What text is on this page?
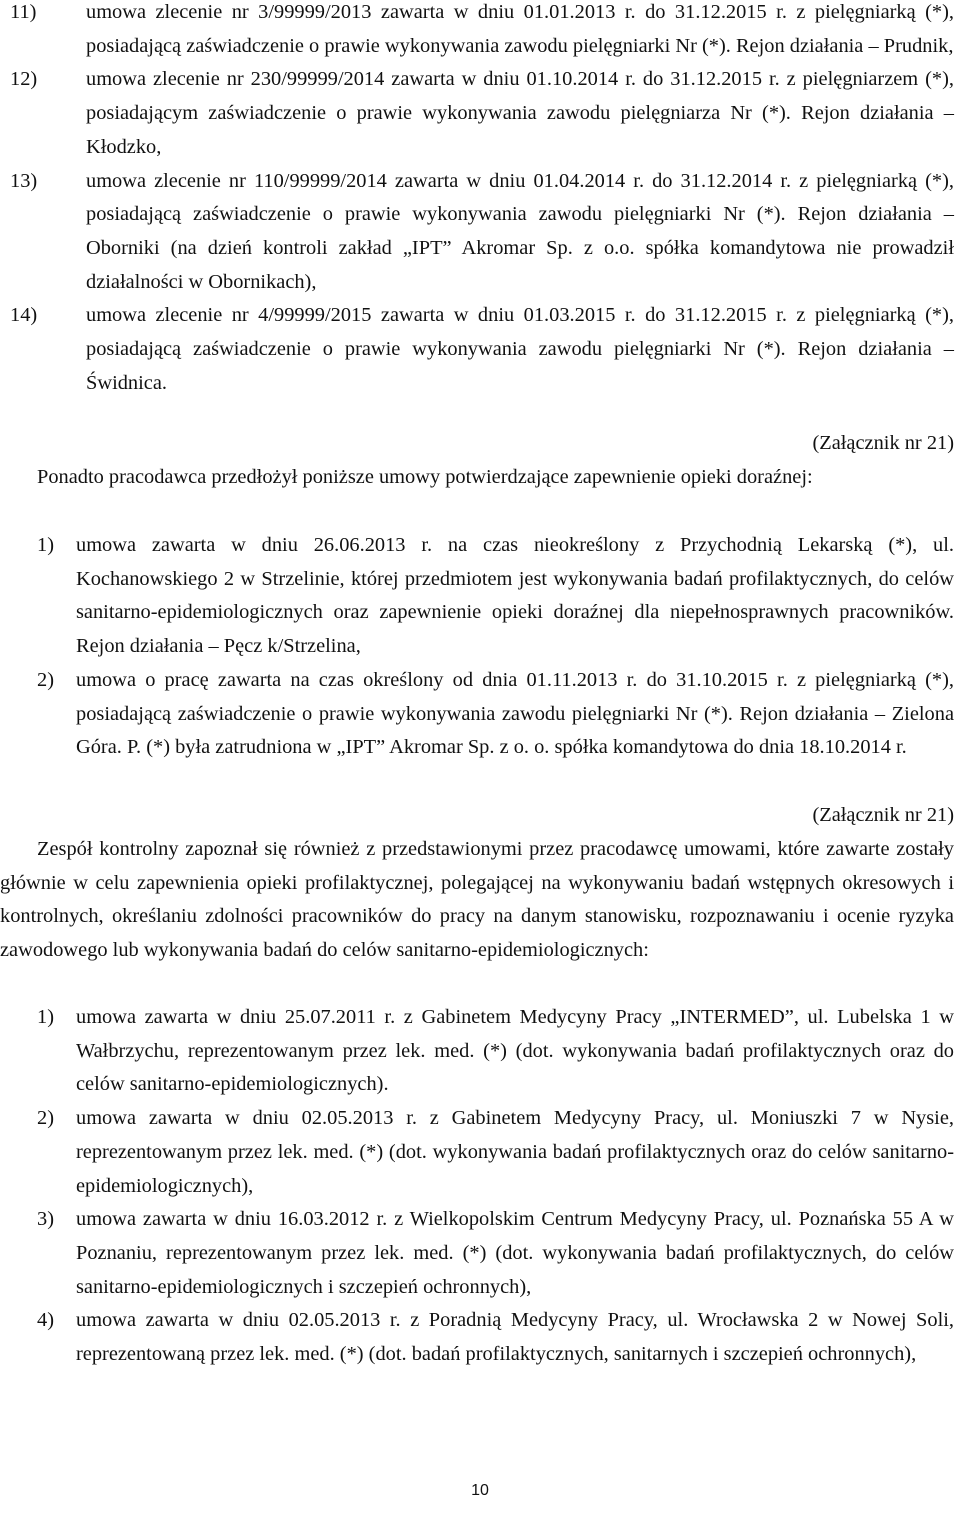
11) umowa zlecenie nr 3/99999/2013 zawarta w dniu 01.01.2013 r. do 31.12.2015 r. z pielęgniarką (*), posiadającą zaświadczenie o prawie wykonywania zawodu pielęgniarki Nr (*). Rejon działania – Prudnik,
12) umowa zlecenie nr 230/99999/2014 zawarta w dniu 01.10.2014 r. do 31.12.2015 r. z pielęgniarzem (*), posiadającym zaświadczenie o prawie wykonywania zawodu pielęgniarza Nr (*). Rejon działania – Kłodzko,
13) umowa zlecenie nr 110/99999/2014 zawarta w dniu 01.04.2014 r. do 31.12.2014 r. z pielęgniarką (*), posiadającą zaświadczenie o prawie wykonywania zawodu pielęgniarki Nr (*). Rejon działania – Oborniki (na dzień kontroli zakład „IPT” Akromar Sp. z o.o. spółka komandytowa nie prowadził działalności w Obornikach),
14) umowa zlecenie nr 4/99999/2015 zawarta w dniu 01.03.2015 r. do 31.12.2015 r. z pielęgniarką (*), posiadającą zaświadczenie o prawie wykonywania zawodu pielęgniarki Nr (*). Rejon działania – Świdnica.
(Załącznik nr 21)
Ponadto pracodawca przedłożył poniższe umowy potwierdzające zapewnienie opieki doraźnej:
1) umowa zawarta w dniu 26.06.2013 r. na czas nieokreślony z Przychodnią Lekarską (*), ul. Kochanowskiego 2 w Strzelinie, której przedmiotem jest wykonywania badań profilaktycznych, do celów sanitarno-epidemiologicznych oraz zapewnienie opieki doraźnej dla niepełnosprawnych pracowników. Rejon działania – Pęcz k/Strzelina,
2) umowa o pracę zawarta na czas określony od dnia 01.11.2013 r. do 31.10.2015 r. z pielęgniarką (*), posiadającą zaświadczenie o prawie wykonywania zawodu pielęgniarki Nr (*). Rejon działania – Zielona Góra. P. (*) była zatrudniona w „IPT” Akromar Sp. z o. o. spółka komandytowa do dnia 18.10.2014 r.
(Załącznik nr 21)
Zespół kontrolny zapoznał się również z przedstawionymi przez pracodawcę umowami, które zawarte zostały głównie w celu zapewnienia opieki profilaktycznej, polegającej na wykonywaniu badań wstępnych okresowych i kontrolnych, określaniu zdolności pracowników do pracy na danym stanowisku, rozpoznawaniu i ocenie ryzyka zawodowego lub wykonywania badań do celów sanitarno-epidemiologicznych:
1) umowa zawarta w dniu 25.07.2011 r. z Gabinetem Medycyny Pracy „INTERMED”, ul. Lubelska 1 w Wałbrzychu, reprezentowanym przez lek. med. (*) (dot. wykonywania badań profilaktycznych oraz do celów sanitarno-epidemiologicznych).
2) umowa zawarta w dniu 02.05.2013 r. z Gabinetem Medycyny Pracy, ul. Moniuszki 7 w Nysie, reprezentowanym przez lek. med. (*) (dot. wykonywania badań profilaktycznych oraz do celów sanitarno-epidemiologicznych),
3) umowa zawarta w dniu 16.03.2012 r. z Wielkopolskim Centrum Medycyny Pracy, ul. Poznańska 55 A w Poznaniu, reprezentowanym przez lek. med. (*) (dot. wykonywania badań profilaktycznych, do celów sanitarno-epidemiologicznych i szczepień ochronnych),
4) umowa zawarta w dniu 02.05.2013 r. z Poradnią Medycyny Pracy, ul. Wrocławska 2 w Nowej Soli, reprezentowaną przez lek. med. (*) (dot. badań profilaktycznych, sanitarnych i szczepień ochronnych),
10
